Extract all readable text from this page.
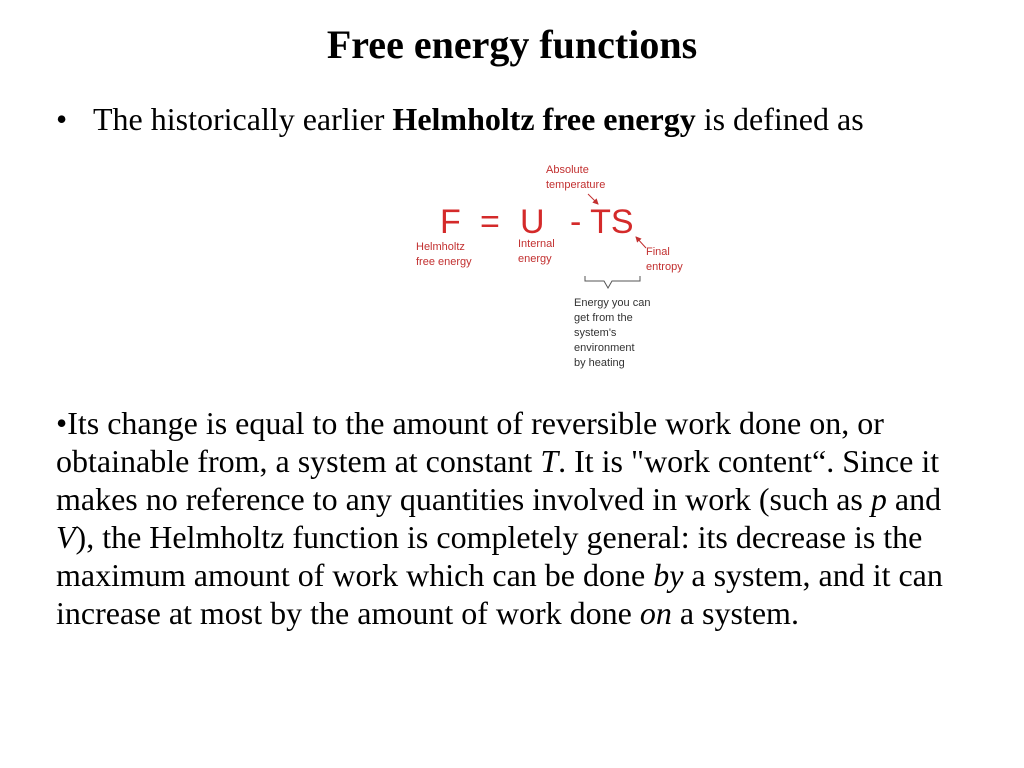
Free energy functions
• The historically earlier Helmholtz free energy is defined as
Absolute
temperature
F = U - TS
Helmholtz
free energy
Internal
energy
Final
entropy
Energy you can
get from the
system's
environment
by heating

•Its change is equal to the amount of reversible work done on, or obtainable from, a system at constant T. It is "work content“. Since it makes no reference to any quantities involved in work (such as p and V), the Helmholtz function is completely general: its decrease is the maximum amount of work which can be done by a system, and it can increase at most by the amount of work done on a system.
